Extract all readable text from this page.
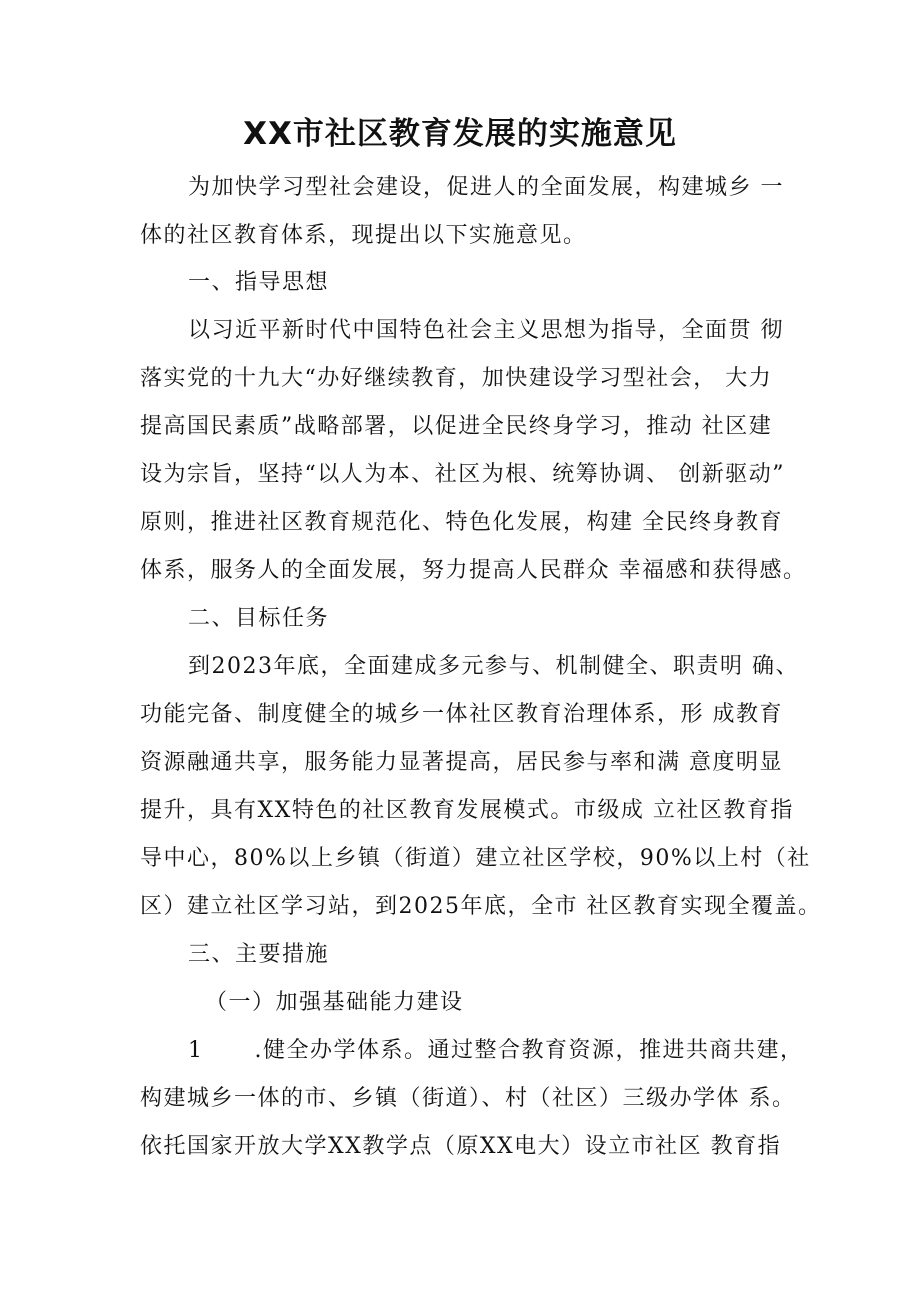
XX市社区教育发展的实施意见
为加快学习型社会建设，促进人的全面发展，构建城乡 一
体的社区教育体系，现提出以下实施意见。
一、指导思想
以习近平新时代中国特色社会主义思想为指导，全面贯 彻
落实党的十九大“办好继续教育，加快建设学习型社会， 大力
提高国民素质”战略部署，以促进全民终身学习，推动 社区建
设为宗旨，坚持“以人为本、社区为根、统筹协调、 创新驱动”
原则，推进社区教育规范化、特色化发展，构建 全民终身教育
体系，服务人的全面发展，努力提高人民群众 幸福感和获得感。
二、目标任务
到2023年底，全面建成多元参与、机制健全、职责明 确、
功能完备、制度健全的城乡一体社区教育治理体系，形 成教育
资源融通共享，服务能力显著提高，居民参与率和满 意度明显
提升，具有XX特色的社区教育发展模式。市级成 立社区教育指
导中心，80%以上乡镇（街道）建立社区学校，90%以上村（社
区）建立社区学习站，到2025年底，全市 社区教育实现全覆盖。
三、主要措施
（一）加强基础能力建设
1      .健全办学体系。通过整合教育资源，推进共商共建，
构建城乡一体的市、乡镇（街道）、村（社区）三级办学体 系。
依托国家开放大学XX教学点（原XX电大）设立市社区 教育指
